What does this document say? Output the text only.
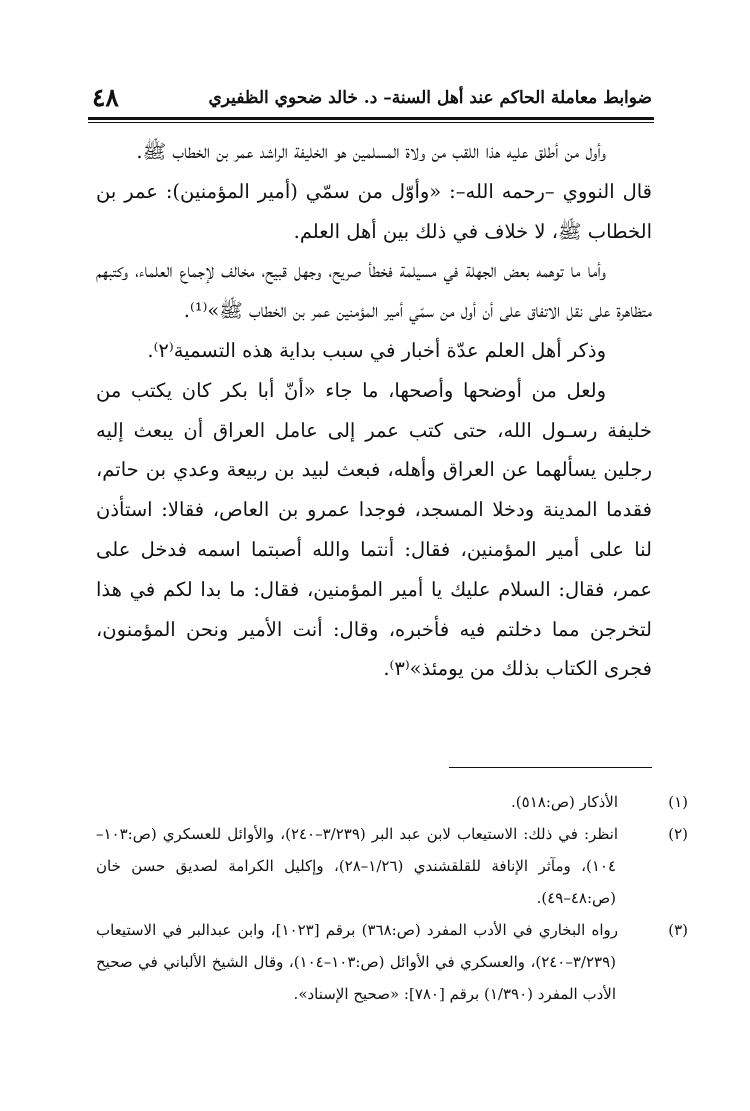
٤٨	ضوابط معاملة الحاكم عند أهل السنة– د. خالد ضحوي الظفيري

وأول من أطلق عليه هذا اللقب من ولاة المسلمين هو الخليفة الراشد عمر بن الخطاب ﷺ.

قال النووي –رحمه الله–: «وأوّل من سمّي (أمير المؤمنين): عمر بن الخطاب ﷺ، لا خلاف في ذلك بين أهل العلم.

وأما ما توهمه بعض الجهلة في مسيلمة فخطأ صريح، وجهل قبيح، مخالف لإجماع العلماء، وكتبهم متظاهرة على نقل الاتفاق على أن أول من سمّي أمير المؤمنين عمر بن الخطاب ﷺ»⁽¹⁾.

وذكر أهل العلم عدّة أخبار في سبب بداية هذه التسمية⁽٢⁾.

ولعل من أوضحها وأصحها، ما جاء «أنّ أبا بكر كان يكتب من خليفة رسـول الله، حتى كتب عمر إلى عامل العراق أن يبعث إليه رجلين يسألهما عن العراق وأهله، فبعث لبيد بن ربيعة وعدي بن حاتم، فقدما المدينة ودخلا المسجد، فوجدا عمرو بن العاص، فقالا: استأذن لنا على أمير المؤمنين، فقال: أنتما والله أصبتما اسمه فدخل على عمر، فقال: السلام عليك يا أمير المؤمنين، فقال: ما بدا لكم في هذا لتخرجن مما دخلتم فيه فأخبره، وقال: أنت الأمير ونحن المؤمنون، فجرى الكتاب بذلك من يومئذ»⁽٣⁾.

(١)الأذكار (ص:٥١٨).

(٢)انظر: في ذلك: الاستيعاب لابن عبد البر (٣/٢٣٩–٢٤٠)، والأوائل للعسكري (ص:١٠٣–١٠٤)، ومآثر الإنافة للقلقشندي (١/٢٦–٢٨)، وإكليل الكرامة لصديق حسن خان (ص:٤٨–٤٩).

(٣)رواه البخاري في الأدب المفرد (ص:٣٦٨) برقم [١٠٢٣]، وابن عبدالبر في الاستيعاب (٣/٢٣٩–٢٤٠)، والعسكري في الأوائل (ص:١٠٣–١٠٤)، وقال الشيخ الألباني في صحيح الأدب المفرد (١/٣٩٠) برقم [٧٨٠]: «صحيح الإسناد».
